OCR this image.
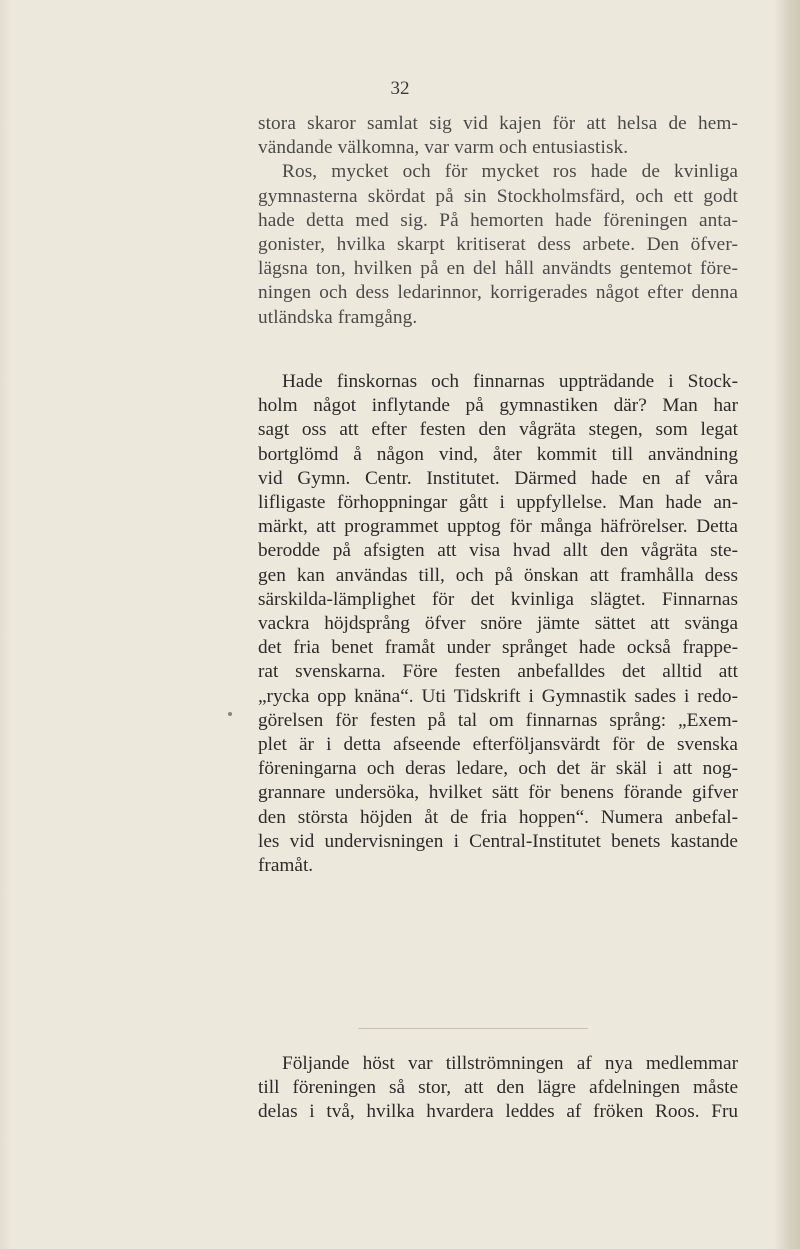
32
stora skaror samlat sig vid kajen för att helsa de hem-
vändande välkomna, var varm och entusiastisk.
Ros, mycket och för mycket ros hade de kvinliga
gymnasterna skördat på sin Stockholmsfärd, och ett godt
hade detta med sig. På hemorten hade föreningen anta-
gonister, hvilka skarpt kritiserat dess arbete. Den öfver-
lägsna ton, hvilken på en del håll användts gentemot före-
ningen och dess ledarinnor, korrigerades något efter denna
utländska framgång.
Hade finskornas och finnarnas uppträdande i Stock-
holm något inflytande på gymnastiken där? Man har
sagt oss att efter festen den vågräta stegen, som legat
bortglömd å någon vind, åter kommit till användning
vid Gymn. Centr. Institutet. Därmed hade en af våra
lifligaste förhoppningar gått i uppfyllelse. Man hade an-
märkt, att programmet upptog för många häfrörelser. Detta
berodde på afsigten att visa hvad allt den vågräta ste-
gen kan användas till, och på önskan att framhålla dess
särskilda-lämplighet för det kvinliga slägtet. Finnarnas
vackra höjdsprång öfver snöre jämte sättet att svänga
det fria benet framåt under språnget hade också frappe-
rat svenskarna. Före festen anbefalldes det alltid att
„rycka opp knäna“. Uti Tidskrift i Gymnastik sades i redo-
görelsen för festen på tal om finnarnas språng: „Exem-
plet är i detta afseende efterföljansvärdt för de svenska
föreningarna och deras ledare, och det är skäl i att nog-
grannare undersöka, hvilket sätt för benens förande gifver
den största höjden åt de fria hoppen“. Numera anbefal-
les vid undervisningen i Central-Institutet benets kastande
framåt.
Följande höst var tillströmningen af nya medlemmar
till föreningen så stor, att den lägre afdelningen måste
delas i två, hvilka hvardera leddes af fröken Roos. Fru
